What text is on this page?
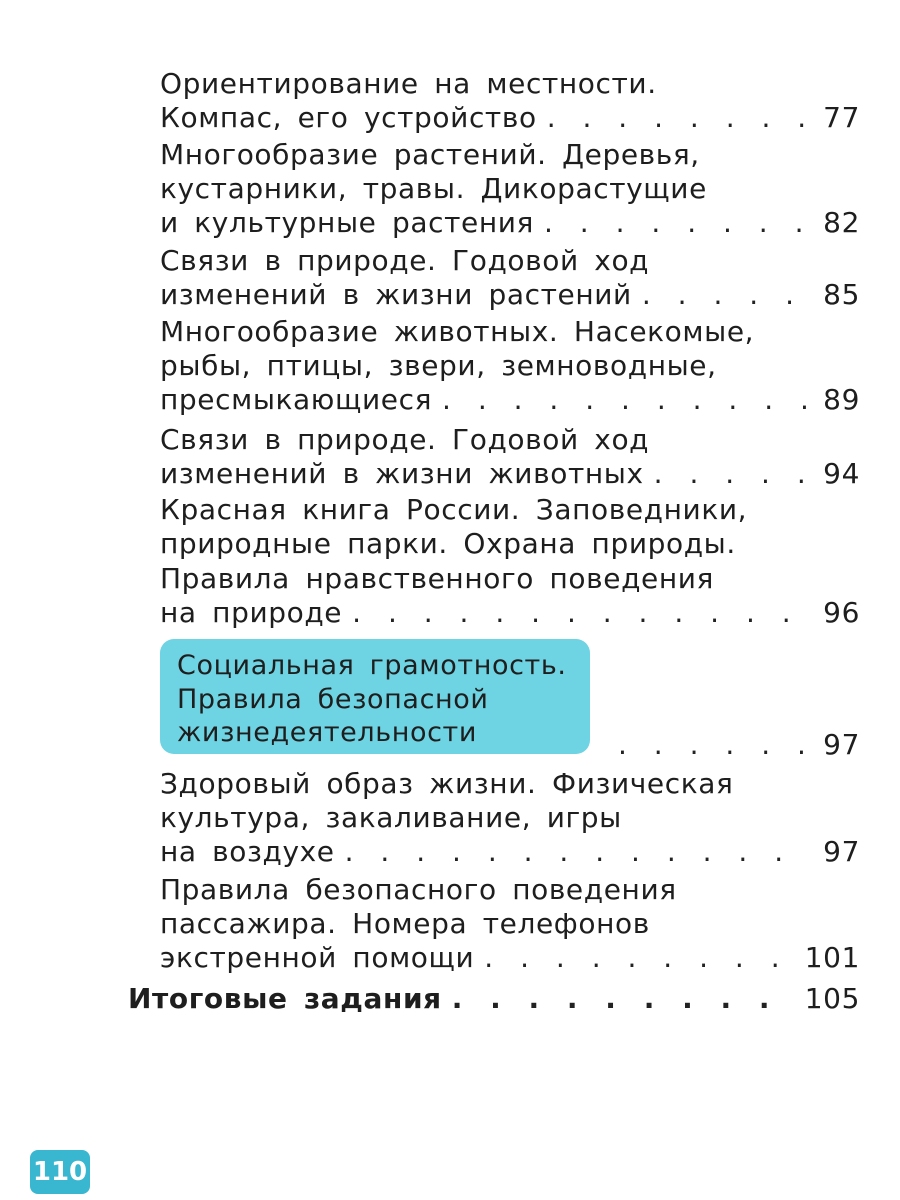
Ориентирование на местности.
Компас, его устройство . . .	77
Многообразие растений. Деревья,
кустарники, травы. Дикорастущие
и культурные растения . . .	82
Связи в природе. Годовой ход
изменений в жизни растений . . .	85
Многообразие животных. Насекомые,
рыбы, птицы, звери, земноводные,
пресмыкающиеся . . .	89
Связи в природе. Годовой ход
изменений в жизни животных . . .	94
Красная книга России. Заповедники,
природные парки. Охрана природы.
Правила нравственного поведения
на природе . . .	96
Социальная грамотность.
Правила безопасной
жизнедеятельности . . .	97
Здоровый образ жизни. Физическая
культура, закаливание, игры
на воздухе . . .	97
Правила безопасного поведения
пассажира. Номера телефонов
экстренной помощи . . .	101
Итоговые задания . . .	105
110
